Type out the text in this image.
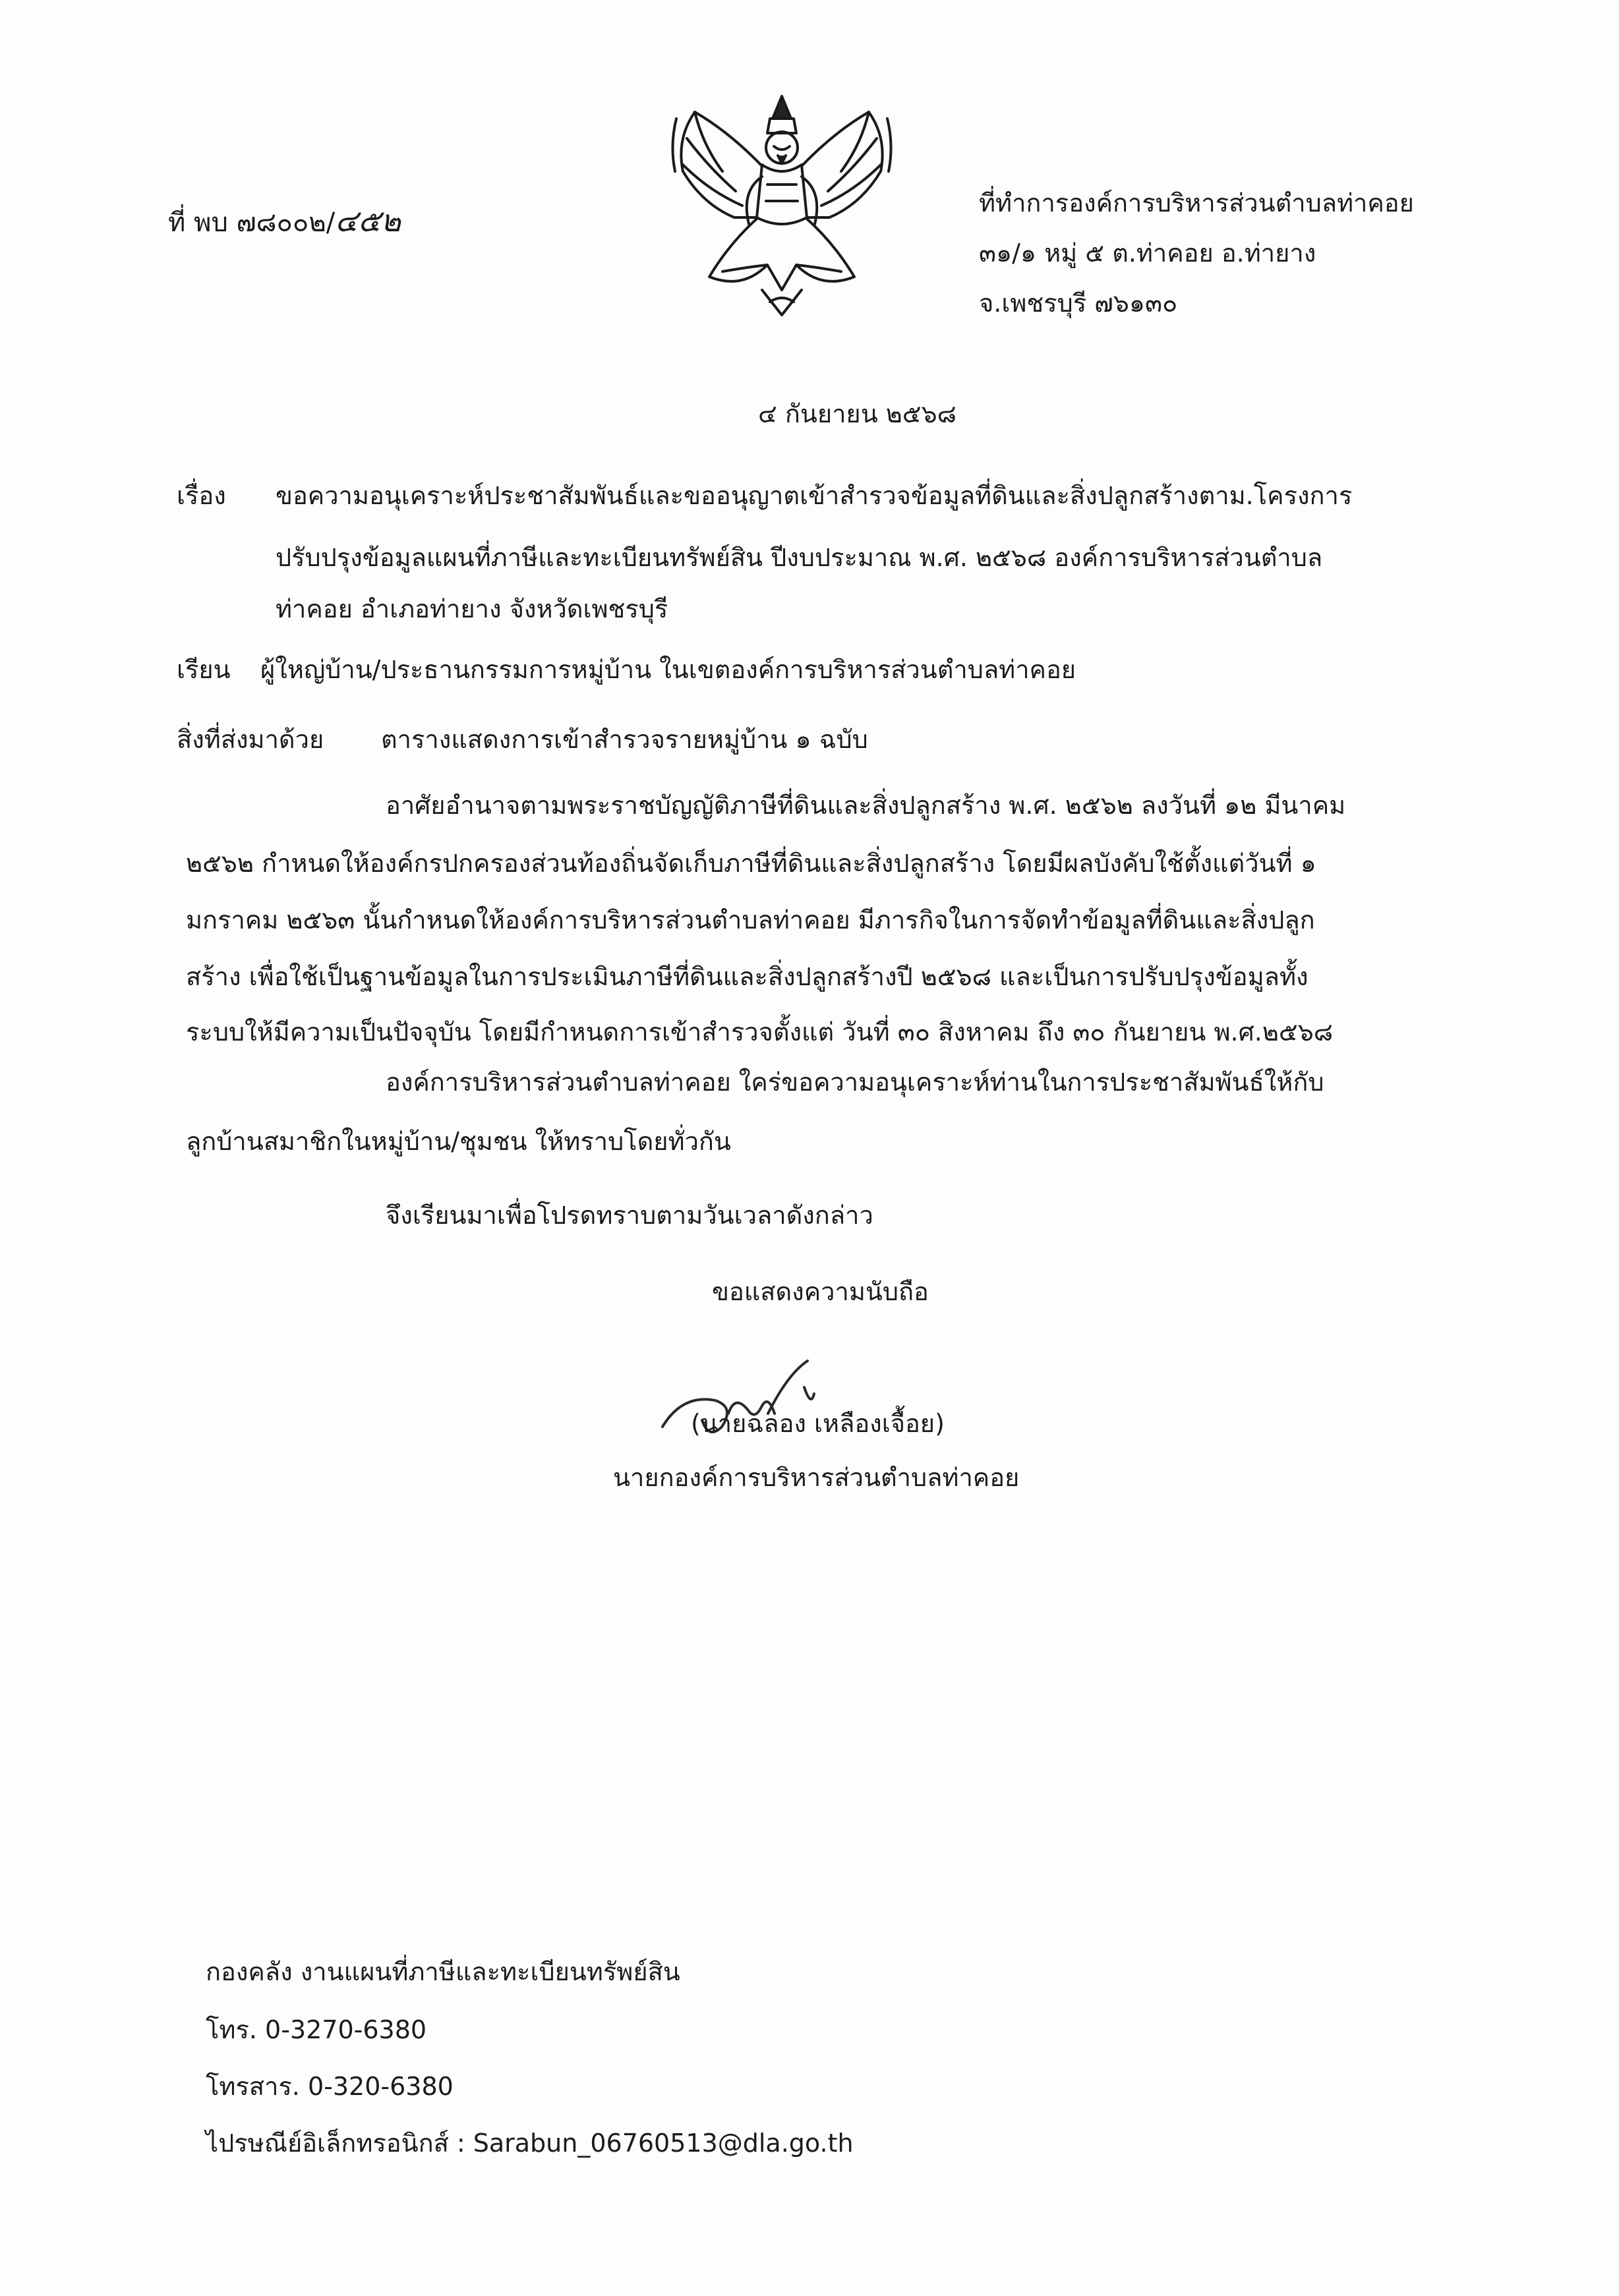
ที่ พบ ๗๘๐๐๒/๔๕๒	ที่ทำการองค์การบริหารส่วนตำบลท่าคอย
๓๑/๑ หมู่ ๕ ต.ท่าคอย อ.ท่ายาง
จ.เพชรบุรี ๗๖๑๓๐
๔ กันยายน ๒๕๖๘
เรื่อง ขอความอนุเคราะห์ประชาสัมพันธ์และขออนุญาตเข้าสำรวจข้อมูลที่ดินและสิ่งปลูกสร้างตาม.โครงการ
ปรับปรุงข้อมูลแผนที่ภาษีและทะเบียนทรัพย์สิน ปีงบประมาณ พ.ศ. ๒๕๖๘ องค์การบริหารส่วนตำบล
ท่าคอย อำเภอท่ายาง จังหวัดเพชรบุรี
เรียน ผู้ใหญ่บ้าน/ประธานกรรมการหมู่บ้าน ในเขตองค์การบริหารส่วนตำบลท่าคอย
สิ่งที่ส่งมาด้วย ตารางแสดงการเข้าสำรวจรายหมู่บ้าน ๑ ฉบับ
อาศัยอำนาจตามพระราชบัญญัติภาษีที่ดินและสิ่งปลูกสร้าง พ.ศ. ๒๕๖๒ ลงวันที่ ๑๒ มีนาคม
๒๕๖๒ กำหนดให้องค์กรปกครองส่วนท้องถิ่นจัดเก็บภาษีที่ดินและสิ่งปลูกสร้าง โดยมีผลบังคับใช้ตั้งแต่วันที่ ๑
มกราคม ๒๕๖๓ นั้นกำหนดให้องค์การบริหารส่วนตำบลท่าคอย มีภารกิจในการจัดทำข้อมูลที่ดินและสิ่งปลูก
สร้าง เพื่อใช้เป็นฐานข้อมูลในการประเมินภาษีที่ดินและสิ่งปลูกสร้างปี ๒๕๖๘ และเป็นการปรับปรุงข้อมูลทั้ง
ระบบให้มีความเป็นปัจจุบัน โดยมีกำหนดการเข้าสำรวจตั้งแต่ วันที่ ๓๐ สิงหาคม ถึง ๓๐ กันยายน พ.ศ.๒๕๖๘
องค์การบริหารส่วนตำบลท่าคอย ใคร่ขอความอนุเคราะห์ท่านในการประชาสัมพันธ์ให้กับ
ลูกบ้านสมาชิกในหมู่บ้าน/ชุมชน ให้ทราบโดยทั่วกัน
จึงเรียนมาเพื่อโปรดทราบตามวันเวลาดังกล่าว
ขอแสดงความนับถือ
(นายฉลอง เหลืองเจื้อย)
นายกองค์การบริหารส่วนตำบลท่าคอย
กองคลัง งานแผนที่ภาษีและทะเบียนทรัพย์สิน
โทร. 0-3270-6380
โทรสาร. 0-320-6380
ไปรษณีย์อิเล็กทรอนิกส์ : Sarabun_06760513@dla.go.th
